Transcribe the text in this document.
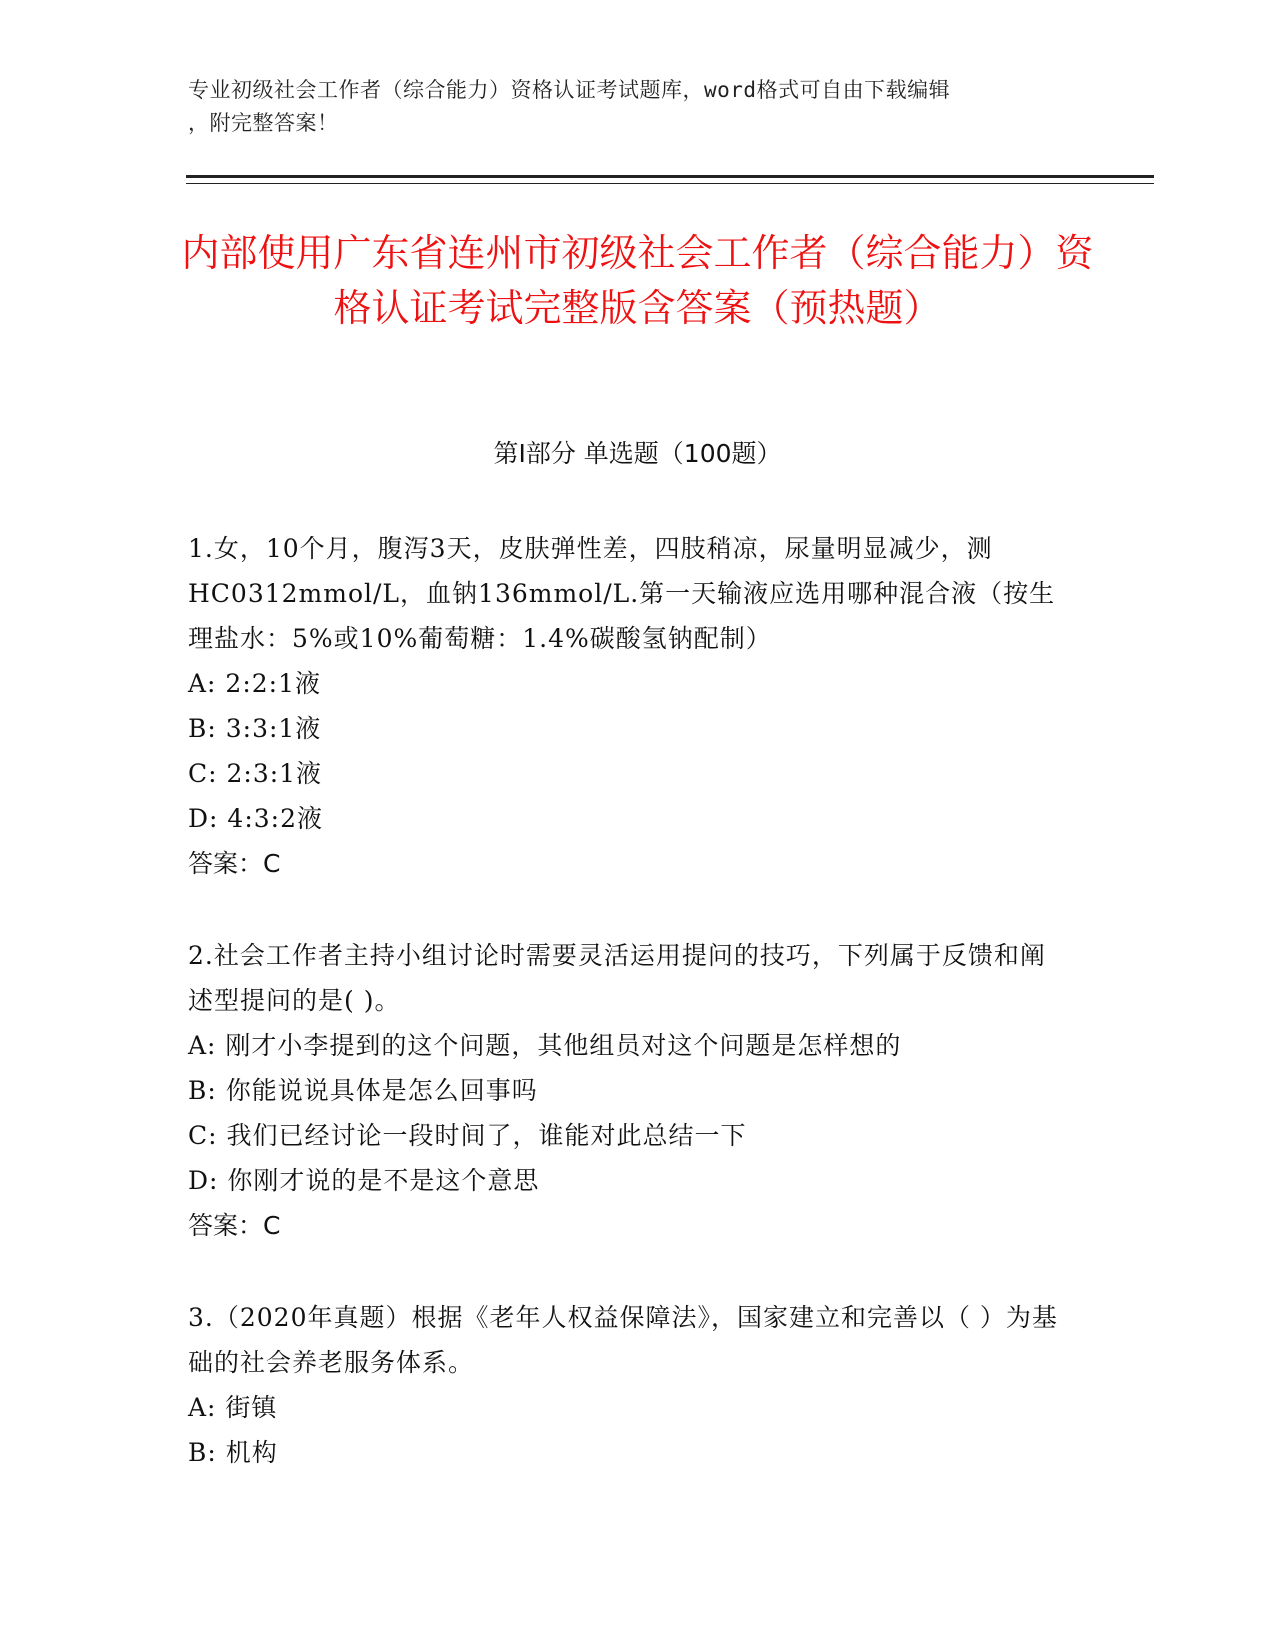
专业初级社会工作者（综合能力）资格认证考试题库，word格式可自由下载编辑
，附完整答案！
内部使用广东省连州市初级社会工作者（综合能力）资格认证考试完整版含答案（预热题）
第Ⅰ部分 单选题（100题）

1.女，10个月，腹泻3天，皮肤弹性差，四肢稍凉，尿量明显减少，测HC0312mmol/L，血钠136mmol/L.第一天输液应选用哪种混合液（按生理盐水：5%或10%葡萄糖：1.4%碳酸氢钠配制）

A: 2:2:1液

B: 3:3:1液

C: 2:3:1液

D: 4:3:2液

答案：C

2.社会工作者主持小组讨论时需要灵活运用提问的技巧，下列属于反馈和阐述型提问的是( )。

A: 刚才小李提到的这个问题，其他组员对这个问题是怎样想的

B: 你能说说具体是怎么回事吗

C: 我们已经讨论一段时间了，谁能对此总结一下

D: 你刚才说的是不是这个意思

答案：C

3.（2020年真题）根据《老年人权益保障法》，国家建立和完善以（ ）为基础的社会养老服务体系。

A: 街镇

B: 机构
